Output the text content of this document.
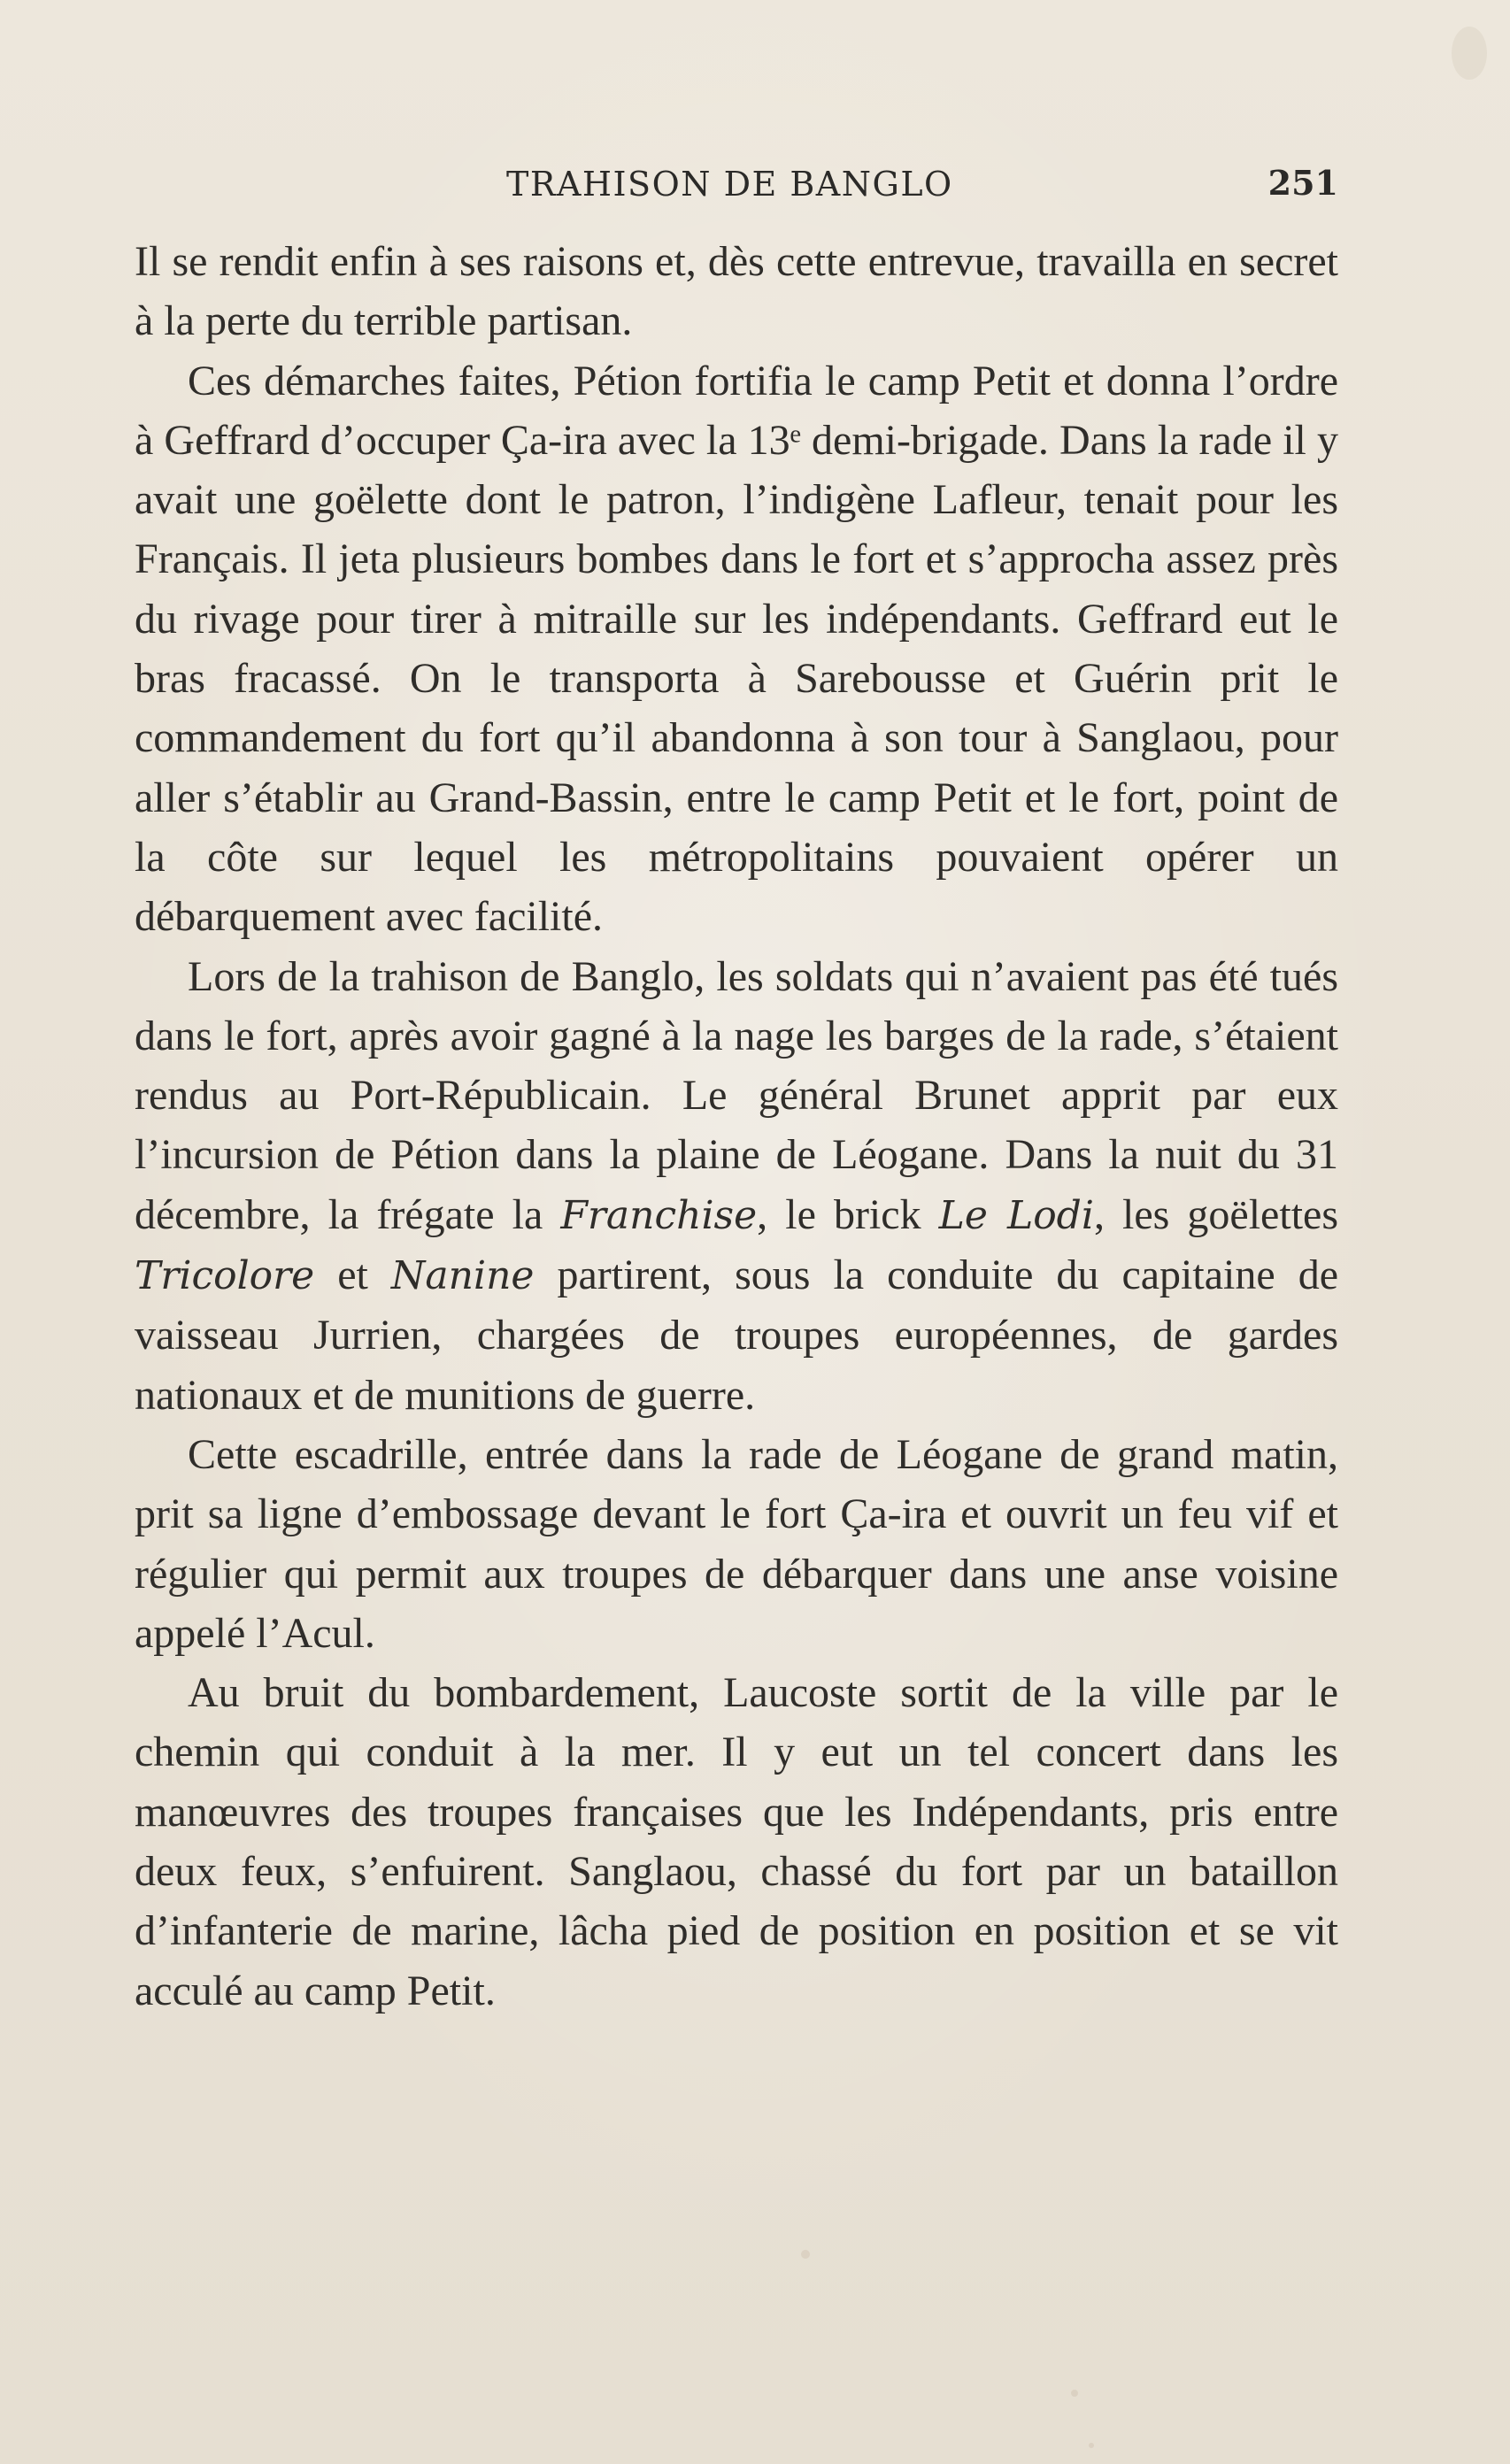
TRAHISON DE BANGLO	251

Il se rendit enfin à ses raisons et, dès cette entrevue, travailla en secret à la perte du terrible partisan.

Ces démarches faites, Pétion fortifia le camp Petit et donna l’ordre à Geffrard d’occuper Ça-ira avec la 13ᵉ demi-brigade. Dans la rade il y avait une goëlette dont le patron, l’indigène Lafleur, tenait pour les Français. Il jeta plusieurs bombes dans le fort et s’approcha assez près du rivage pour tirer à mitraille sur les indépendants. Geffrard eut le bras fracassé. On le transporta à Sarebousse et Guérin prit le commandement du fort qu’il abandonna à son tour à Sanglaou, pour aller s’établir au Grand-Bassin, entre le camp Petit et le fort, point de la côte sur lequel les métropolitains pouvaient opérer un débarquement avec facilité.

Lors de la trahison de Banglo, les soldats qui n’avaient pas été tués dans le fort, après avoir gagné à la nage les barges de la rade, s’étaient rendus au Port-Républicain. Le général Brunet apprit par eux l’incursion de Pétion dans la plaine de Léogane. Dans la nuit du 31 décembre, la frégate la Franchise, le brick Le Lodi, les goëlettes Tricolore et Nanine partirent, sous la conduite du capitaine de vaisseau Jurrien, chargées de troupes européennes, de gardes nationaux et de munitions de guerre.

Cette escadrille, entrée dans la rade de Léogane de grand matin, prit sa ligne d’embossage devant le fort Ça-ira et ouvrit un feu vif et régulier qui permit aux troupes de débarquer dans une anse voisine appelé l’Acul.

Au bruit du bombardement, Laucoste sortit de la ville par le chemin qui conduit à la mer. Il y eut un tel concert dans les manœuvres des troupes françaises que les Indépendants, pris entre deux feux, s’enfuirent. Sanglaou, chassé du fort par un bataillon d’infanterie de marine, lâcha pied de position en position et se vit acculé au camp Petit.
